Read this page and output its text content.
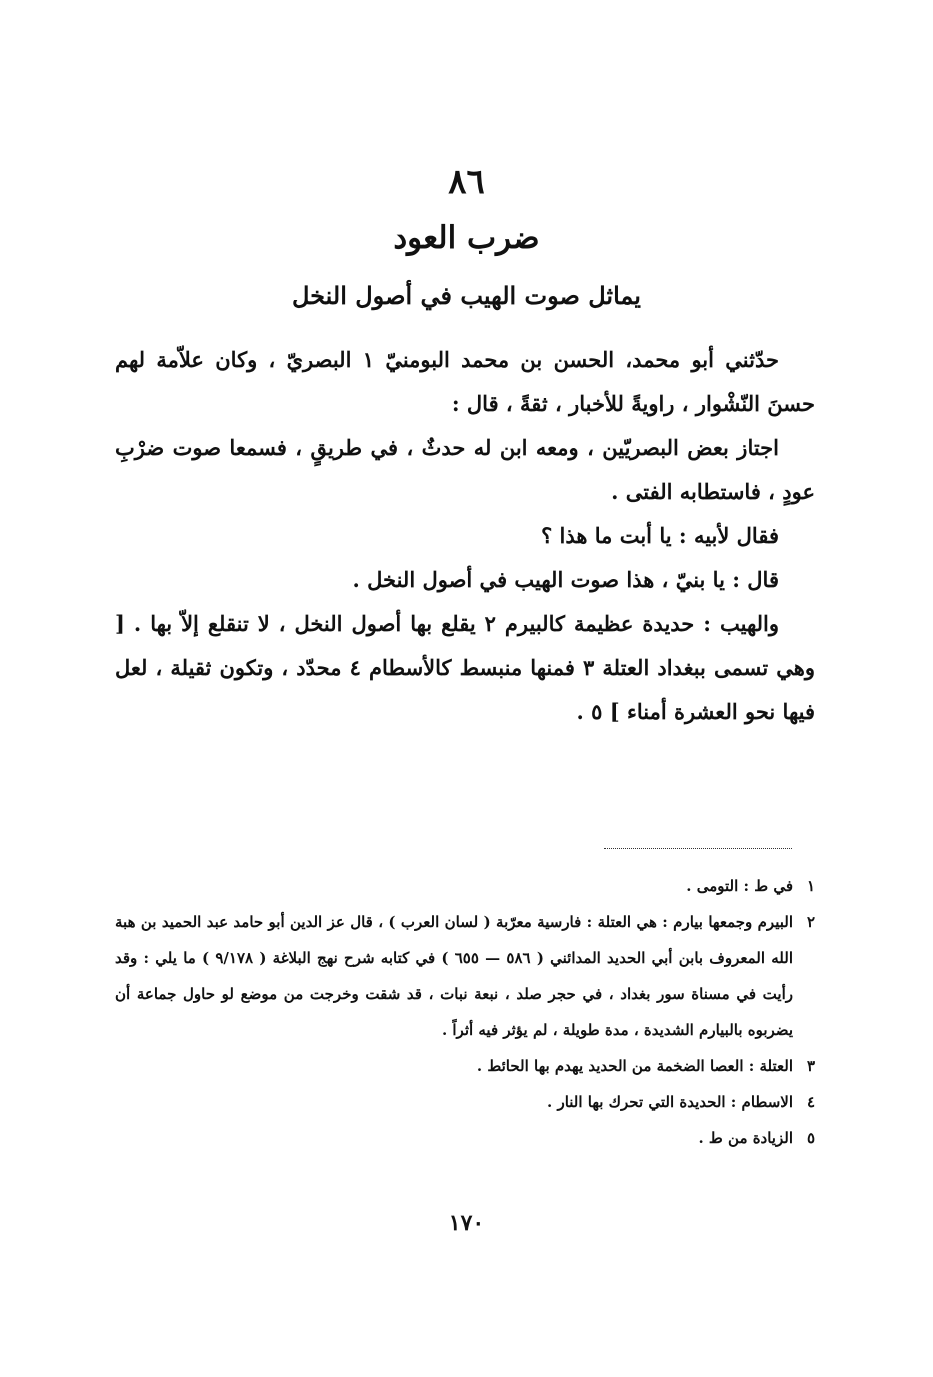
٨٦
ضرب العود
يماثل صوت الهيب في أصول النخل

حدّثني أبو محمد، الحسن بن محمد البومنيّ ١ البصريّ ، وكان علاّمة لهم حسنَ النّشْوار ، راويةً للأخبار ، ثقةً ، قال :

اجتاز بعض البصريّين ، ومعه ابن له حدثٌ ، في طريقٍ ، فسمعا صوت ضرْبِ عودٍ ، فاستطابه الفتى .

فقال لأبيه : يا أبت ما هذا ؟

قال : يا بنيّ ، هذا صوت الهيب في أصول النخل .

والهيب : حديدة عظيمة كالبيرم ٢ يقلع بها أصول النخل ، لا تنقلع إلاّ بها . [ وهي تسمى ببغداد العتلة ٣ فمنها منبسط كالأسطام ٤ محدّد ، وتكون ثقيلة ، لعل فيها نحو العشرة أمناء ] ٥ .

١
في ط : التومى .
٢
البيرم وجمعها بيارم : هي العتلة : فارسية معرّبة ( لسان العرب ) ، قال عز الدين أبو حامد عبد الحميد بن هبة الله المعروف بابن أبي الحديد المدائني ( ٥٨٦ — ٦٥٥ ) في كتابه شرح نهج البلاغة ( ٩/١٧٨ ) ما يلي : وقد رأيت في مسناة سور بغداد ، في حجر صلد ، نبعة نبات ، قد شقت وخرجت من موضع لو حاول جماعة أن يضربوه بالبيارم الشديدة ، مدة طويلة ، لم يؤثر فيه أثراً .
٣
العتلة : العصا الضخمة من الحديد يهدم بها الحائط .
٤
الاسطام : الحديدة التي تحرك بها النار .
٥
الزيادة من ط .
١٧٠
